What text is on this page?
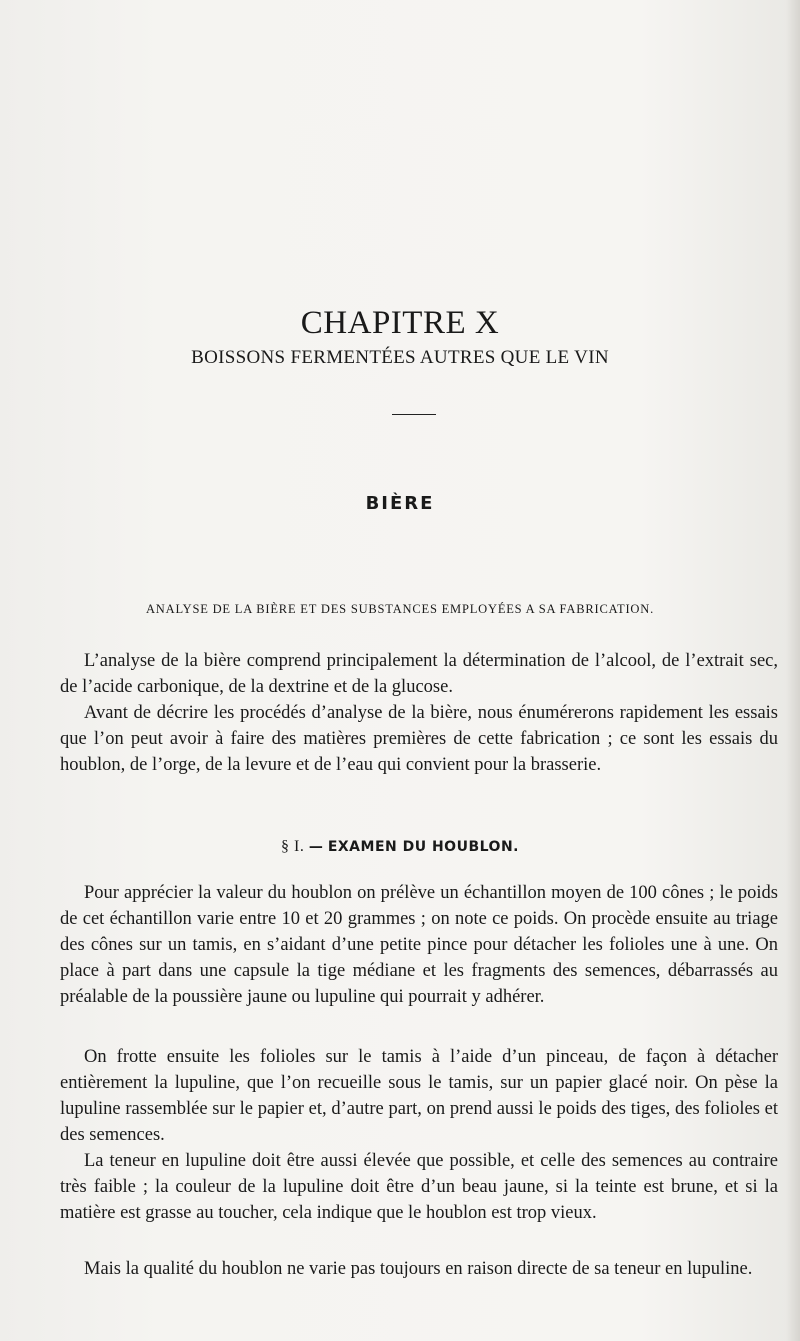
CHAPITRE X
BOISSONS FERMENTÉES AUTRES QUE LE VIN
BIÈRE
ANALYSE DE LA BIÈRE ET DES SUBSTANCES EMPLOYÉES A SA FABRICATION.

L’analyse de la bière comprend principalement la détermination de l’alcool, de l’extrait sec, de l’acide carbonique, de la dextrine et de la glucose.

Avant de décrire les procédés d’analyse de la bière, nous énumérerons rapidement les essais que l’on peut avoir à faire des matières premières de cette fabrication ; ce sont les essais du houblon, de l’orge, de la levure et de l’eau qui convient pour la brasserie.

§ I. — EXAMEN DU HOUBLON.

Pour apprécier la valeur du houblon on prélève un échantillon moyen de 100 cônes ; le poids de cet échantillon varie entre 10 et 20 grammes ; on note ce poids. On procède ensuite au triage des cônes sur un tamis, en s’aidant d’une petite pince pour détacher les folioles une à une. On place à part dans une capsule la tige médiane et les fragments des semences, débarrassés au préalable de la poussière jaune ou lupuline qui pourrait y adhérer.

On frotte ensuite les folioles sur le tamis à l’aide d’un pinceau, de façon à détacher entièrement la lupuline, que l’on recueille sous le tamis, sur un papier glacé noir. On pèse la lupuline rassemblée sur le papier et, d’autre part, on prend aussi le poids des tiges, des folioles et des semences.

La teneur en lupuline doit être aussi élevée que possible, et celle des semences au contraire très faible ; la couleur de la lupuline doit être d’un beau jaune, si la teinte est brune, et si la matière est grasse au toucher, cela indique que le houblon est trop vieux.

Mais la qualité du houblon ne varie pas toujours en raison directe de sa teneur en lupuline.
